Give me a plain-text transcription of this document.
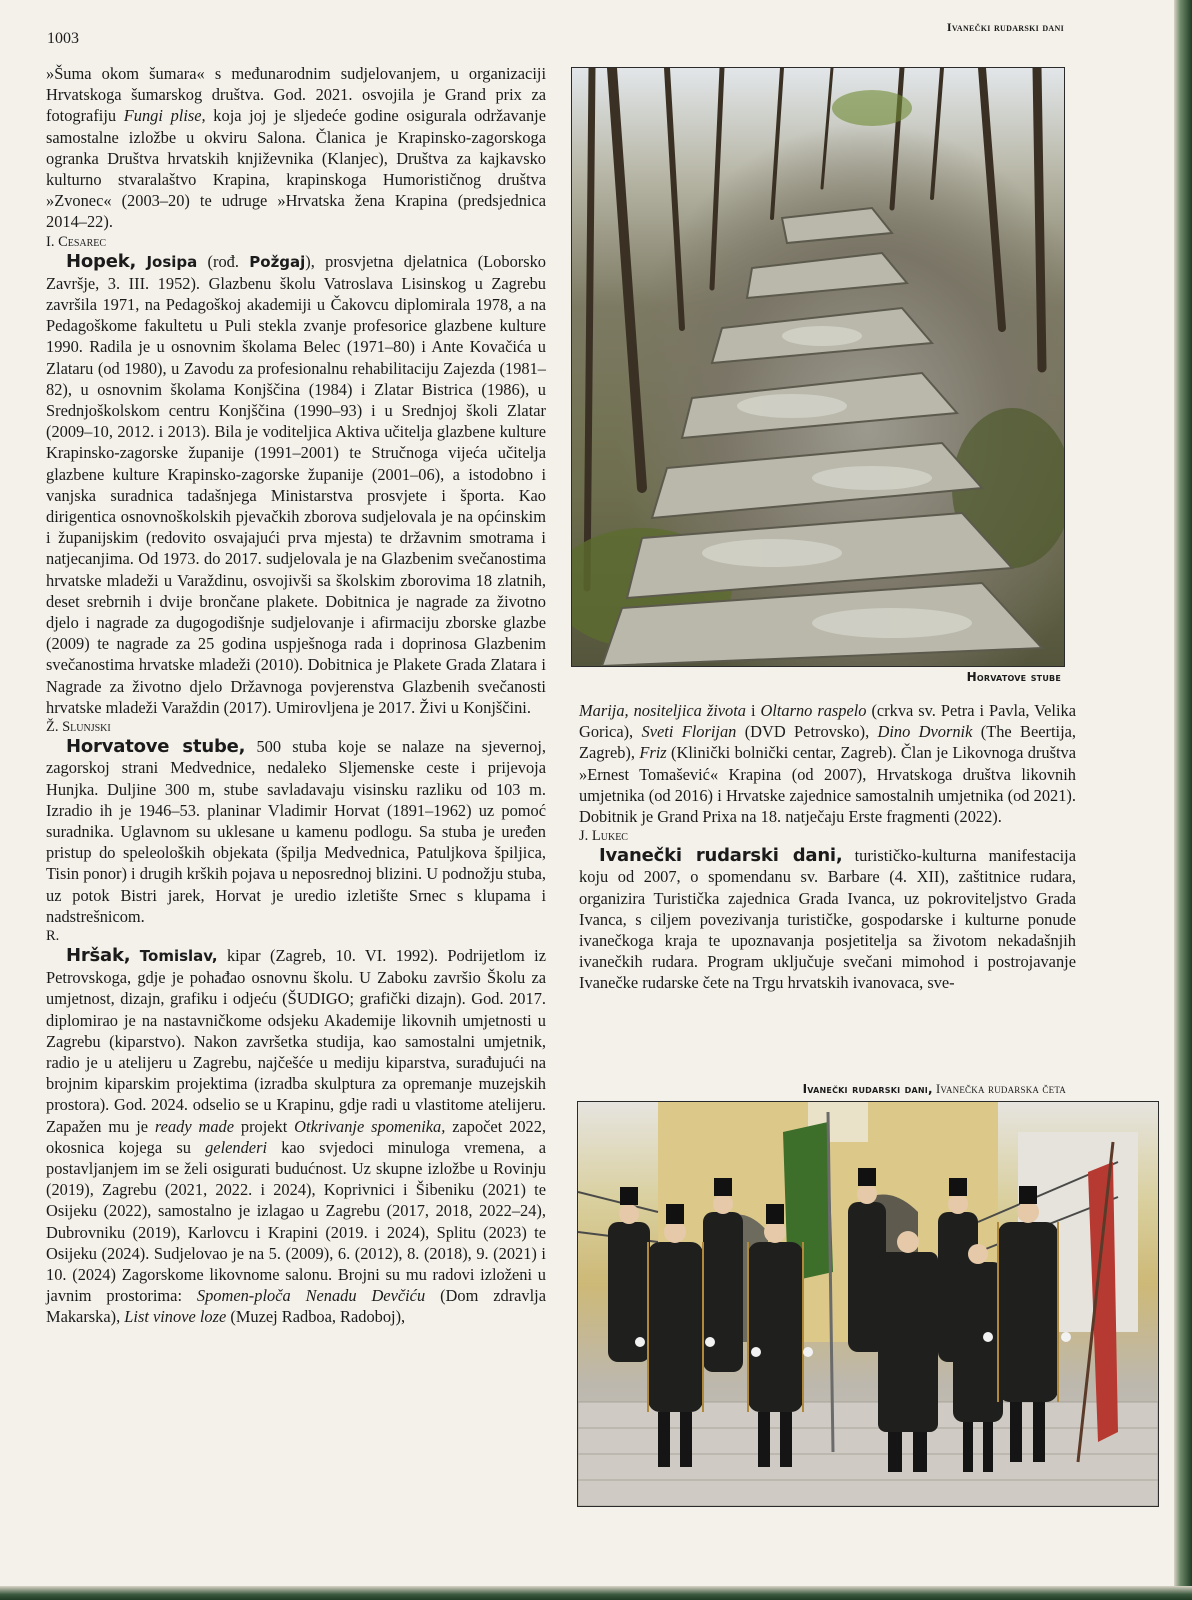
1003
Ivanečki rudarski dani

»Šuma okom šumara« s međunarodnim sudjelovanjem, u organizaciji Hrvatskoga šumarskog društva. God. 2021. osvojila je Grand prix za fotografiju Fungi plise, koja joj je sljedeće godine osigurala održavanje samostalne izložbe u okviru Salona. Članica je Krapinsko-zagorskoga ogranka Društva hrvatskih književnika (Klanjec), Društva za kajkavsko kulturno stvaralaštvo Krapina, krapinskoga Humorističnog društva »Zvonec« (2003–20) te udruge »Hrvatska žena Krapina (predsjednica 2014–22).

I. Cesarec

Hopek, Josipa (rođ. Požgaj), prosvjetna djelatnica (Loborsko Završje, 3. III. 1952). Glazbenu školu Vatroslava Lisinskog u Zagrebu završila 1971, na Pedagoškoj akademiji u Čakovcu diplomirala 1978, a na Pedagoškome fakultetu u Puli stekla zvanje profesorice glazbene kulture 1990. Radila je u osnovnim školama Belec (1971–80) i Ante Kovačića u Zlataru (od 1980), u Zavodu za profesionalnu rehabilitaciju Zajezda (1981–82), u osnovnim školama Konjščina (1984) i Zlatar Bistrica (1986), u Srednjoškolskom centru Konjščina (1990–93) i u Srednjoj školi Zlatar (2009–10, 2012. i 2013). Bila je voditeljica Aktiva učitelja glazbene kulture Krapinsko-zagorske županije (1991–2001) te Stručnoga vijeća učitelja glazbene kulture Krapinsko-zagorske županije (2001–06), a istodobno i vanjska suradnica tadašnjega Ministarstva prosvjete i športa. Kao dirigentica osnovnoškolskih pjevačkih zborova sudjelovala je na općinskim i županijskim (redovito osvajajući prva mjesta) te državnim smotrama i natjecanjima. Od 1973. do 2017. sudjelovala je na Glazbenim svečanostima hrvatske mladeži u Varaždinu, osvojivši sa školskim zborovima 18 zlatnih, deset srebrnih i dvije brončane plakete. Dobitnica je nagrade za životno djelo i nagrade za dugogodišnje sudjelovanje i afirmaciju zborske glazbe (2009) te nagrade za 25 godina uspješnoga rada i doprinosa Glazbenim svečanostima hrvatske mladeži (2010). Dobitnica je Plakete Grada Zlatara i Nagrade za životno djelo Državnoga povjerenstva Glazbenih svečanosti hrvatske mladeži Varaždin (2017). Umirovljena je 2017. Živi u Konjščini.

Ž. Slunjski

Horvatove stube, 500 stuba koje se nalaze na sjevernoj, zagorskoj strani Medvednice, nedaleko Sljemenske ceste i prijevoja Hunjka. Duljine 300 m, stube savladavaju visinsku razliku od 103 m. Izradio ih je 1946–53. planinar Vladimir Horvat (1891–1962) uz pomoć suradnika. Uglavnom su uklesane u kamenu podlogu. Sa stuba je uređen pristup do speleoloških objekata (špilja Medvednica, Patuljkova špiljica, Tisin ponor) i drugih krških pojava u neposrednoj blizini. U podnožju stuba, uz potok Bistri jarek, Horvat je uredio izletište Srnec s klupama i nadstrešnicom.

R.

Hršak, Tomislav, kipar (Zagreb, 10. VI. 1992). Podrijetlom iz Petrovskoga, gdje je pohađao osnovnu školu. U Zaboku završio Školu za umjetnost, dizajn, grafiku i odjeću (ŠUDIGO; grafički dizajn). God. 2017. diplomirao je na nastavničkome odsjeku Akademije likovnih umjetnosti u Zagrebu (kiparstvo). Nakon završetka studija, kao samostalni umjetnik, radio je u atelijeru u Zagrebu, najčešće u mediju kiparstva, surađujući na brojnim kiparskim projektima (izradba skulptura za opremanje muzejskih prostora). God. 2024. odselio se u Krapinu, gdje radi u vlastitome atelijeru. Zapažen mu je ready made projekt Otkrivanje spomenika, započet 2022, okosnica kojega su gelenderi kao svjedoci minuloga vremena, a postavljanjem im se želi osigurati budućnost. Uz skupne izložbe u Rovinju (2019), Zagrebu (2021, 2022. i 2024), Koprivnici i Šibeniku (2021) te Osijeku (2022), samostalno je izlagao u Zagrebu (2017, 2018, 2022–24), Dubrovniku (2019), Karlovcu i Krapini (2019. i 2024), Splitu (2023) te Osijeku (2024). Sudjelovao je na 5. (2009), 6. (2012), 8. (2018), 9. (2021) i 10. (2024) Zagorskome likovnome salonu. Brojni su mu radovi izloženi u javnim prostorima: Spomen-ploča Nenadu Devčiću (Dom zdravlja Makarska), List vinove loze (Muzej Radboa, Radoboj),

Horvatove stube

Marija, nositeljica života i Oltarno raspelo (crkva sv. Petra i Pavla, Velika Gorica), Sveti Florijan (DVD Petrovsko), Dino Dvornik (The Beertija, Zagreb), Friz (Klinički bolnički centar, Zagreb). Član je Likovnoga društva »Ernest Tomašević« Krapina (od 2007), Hrvatskoga društva likovnih umjetnika (od 2016) i Hrvatske zajednice samostalnih umjetnika (od 2021). Dobitnik je Grand Prixa na 18. natječaju Erste fragmenti (2022).

J. Lukec

Ivanečki rudarski dani, turističko-kulturna manifestacija koju od 2007, o spomendanu sv. Barbare (4. XII), zaštitnice rudara, organizira Turistička zajednica Grada Ivanca, uz pokroviteljstvo Grada Ivanca, s ciljem povezivanja turističke, gospodarske i kulturne ponude ivanečkoga kraja te upoznavanja posjetitelja sa životom nekadašnjih ivanečkih rudara. Program uključuje svečani mimohod i postrojavanje Ivanečke rudarske čete na Trgu hrvatskih ivanovaca, sve-

Ivanečki rudarski dani, Ivanečka rudarska četa
